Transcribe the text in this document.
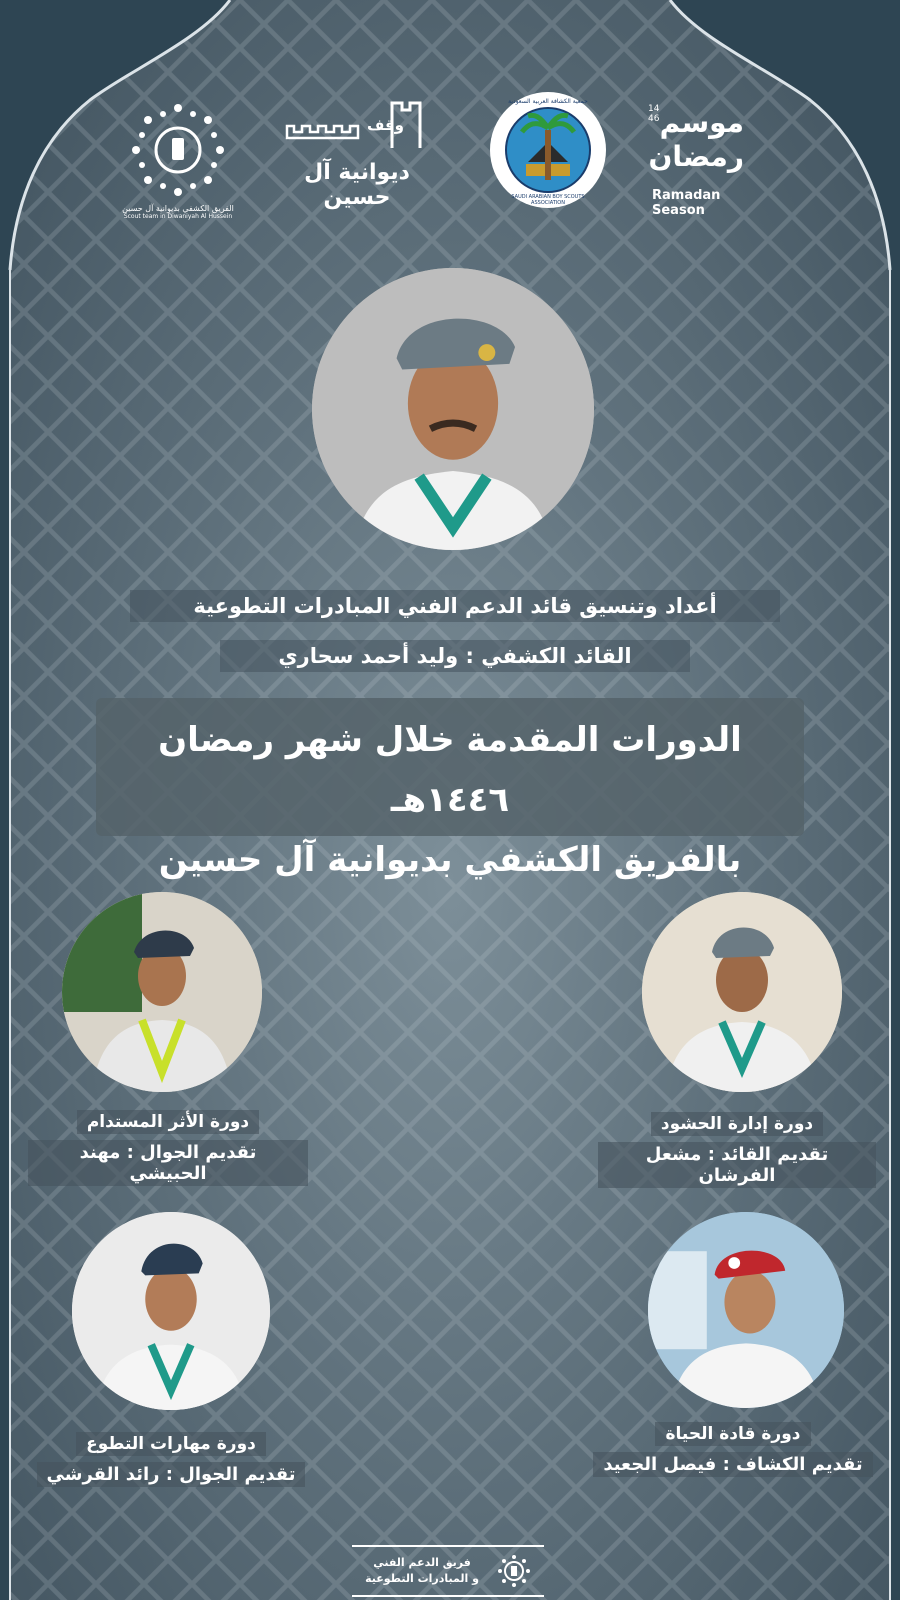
الفريق الكشفي بديوانية آل حسين
Scout team in Diwaniyah Al Hussein
وقف
ديوانية آل حسين
جمعية الكشافة العربية السعودية
SAUDI ARABIAN BOY SCOUTS ASSOCIATION
14 46 موسم رمضان
Ramadan Season
أعداد وتنسيق قائد الدعم الفني المبادرات التطوعية
القائد الكشفي : وليد أحمد سحاري
الدورات المقدمة خلال شهر رمضان ١٤٤٦هـ
بالفريق الكشفي بديوانية آل حسين
دورة الأثر المستدام
تقديم الجوال : مهند الحبيشي
دورة إدارة الحشود
تقديم القائد : مشعل الفرشان
دورة مهارات التطوع
تقديم الجوال : رائد القرشي
دورة قادة الحياة
تقديم الكشاف : فيصل الجعيد
فريق الدعم الفني
و المبادرات التطوعية
